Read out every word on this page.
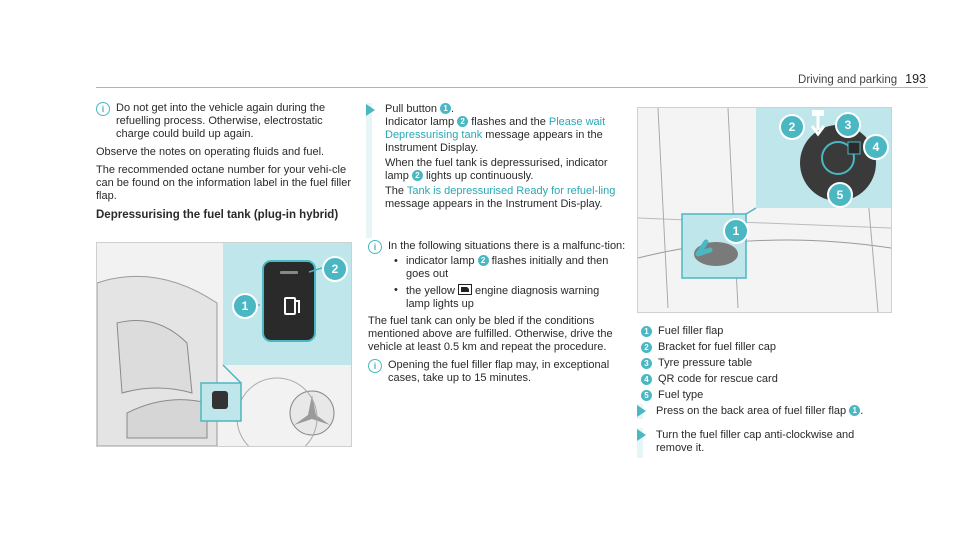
Driving and parking 193
i	Do not get into the vehicle again during the refuelling process. Otherwise, electrostatic charge could build up again.

Observe the notes on operating fluids and fuel.

The recommended octane number for your vehi-cle can be found on the information label in the fuel filler flap.

Depressurising the fuel tank (plug-in hybrid)
1
2

Pull button 1 .
Indicator lamp 2 flashes and the Please wait Depressurising tank message appears in the Instrument Display.

When the fuel tank is depressurised, indicator lamp 2 lights up continuously.

The Tank is depressurised Ready for refuel-ling message appears in the Instrument Dis-play.

i	In the following situations there is a malfunc-tion:

• indicator lamp 2 flashes initially and then goes out
• the yellow engine diagnosis warning lamp lights up

The fuel tank can only be bled if the conditions mentioned above are fulfilled. Otherwise, drive the vehicle at least 0.5 km and repeat the procedure.

i	Opening the fuel filler flap may, in exceptional cases, take up to 15 minutes.

1
2	3
4
5
1 Fuel filler flap
2 Bracket for fuel filler cap
3 Tyre pressure table
4 QR code for rescue card
5 Fuel type
Press on the back area of fuel filler flap 1 .
Turn the fuel filler cap anti-clockwise and remove it.
